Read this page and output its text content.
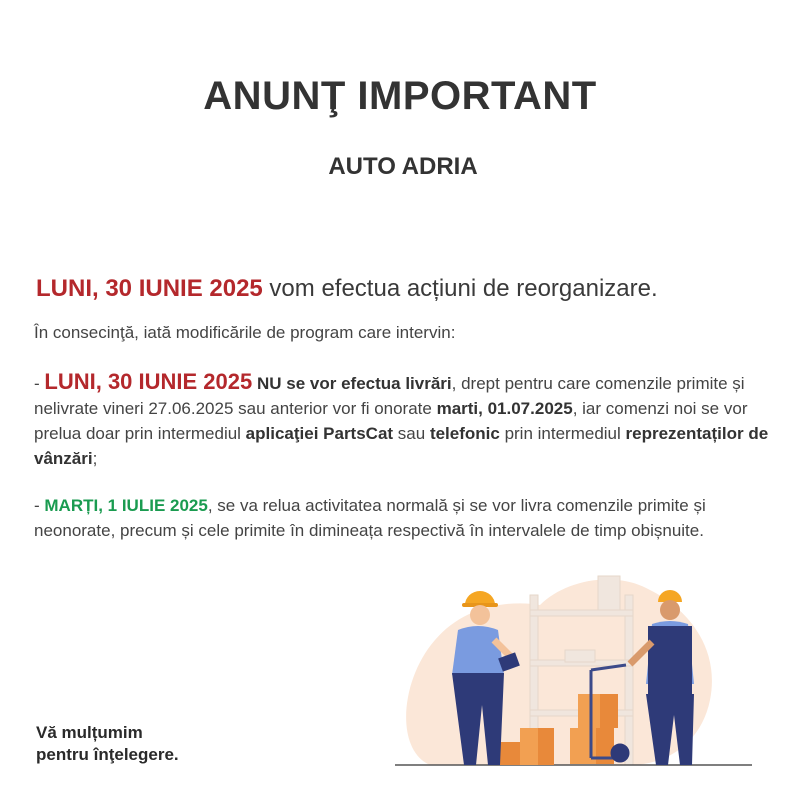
ANUNŢ IMPORTANT
AUTO ADRIA
LUNI, 30 IUNIE 2025 vom efectua acțiuni de reorganizare.
În consecinţă, iată modificările de program care intervin:
- LUNI, 30 IUNIE 2025 NU se vor efectua livrări, drept pentru care comenzile primite și nelivrate vineri 27.06.2025 sau anterior vor fi onorate marti, 01.07.2025, iar comenzi noi se vor prelua doar prin intermediul aplicaţiei PartsCat sau telefonic prin intermediul reprezentaților de vânzări;
- MARȚI, 1 IULIE 2025, se va relua activitatea normală și se vor livra comenzile primite și neonorate, precum și cele primite în dimineața respectivă în intervalele de timp obișnuite.
Vă mulțumim
pentru înţelegere.
